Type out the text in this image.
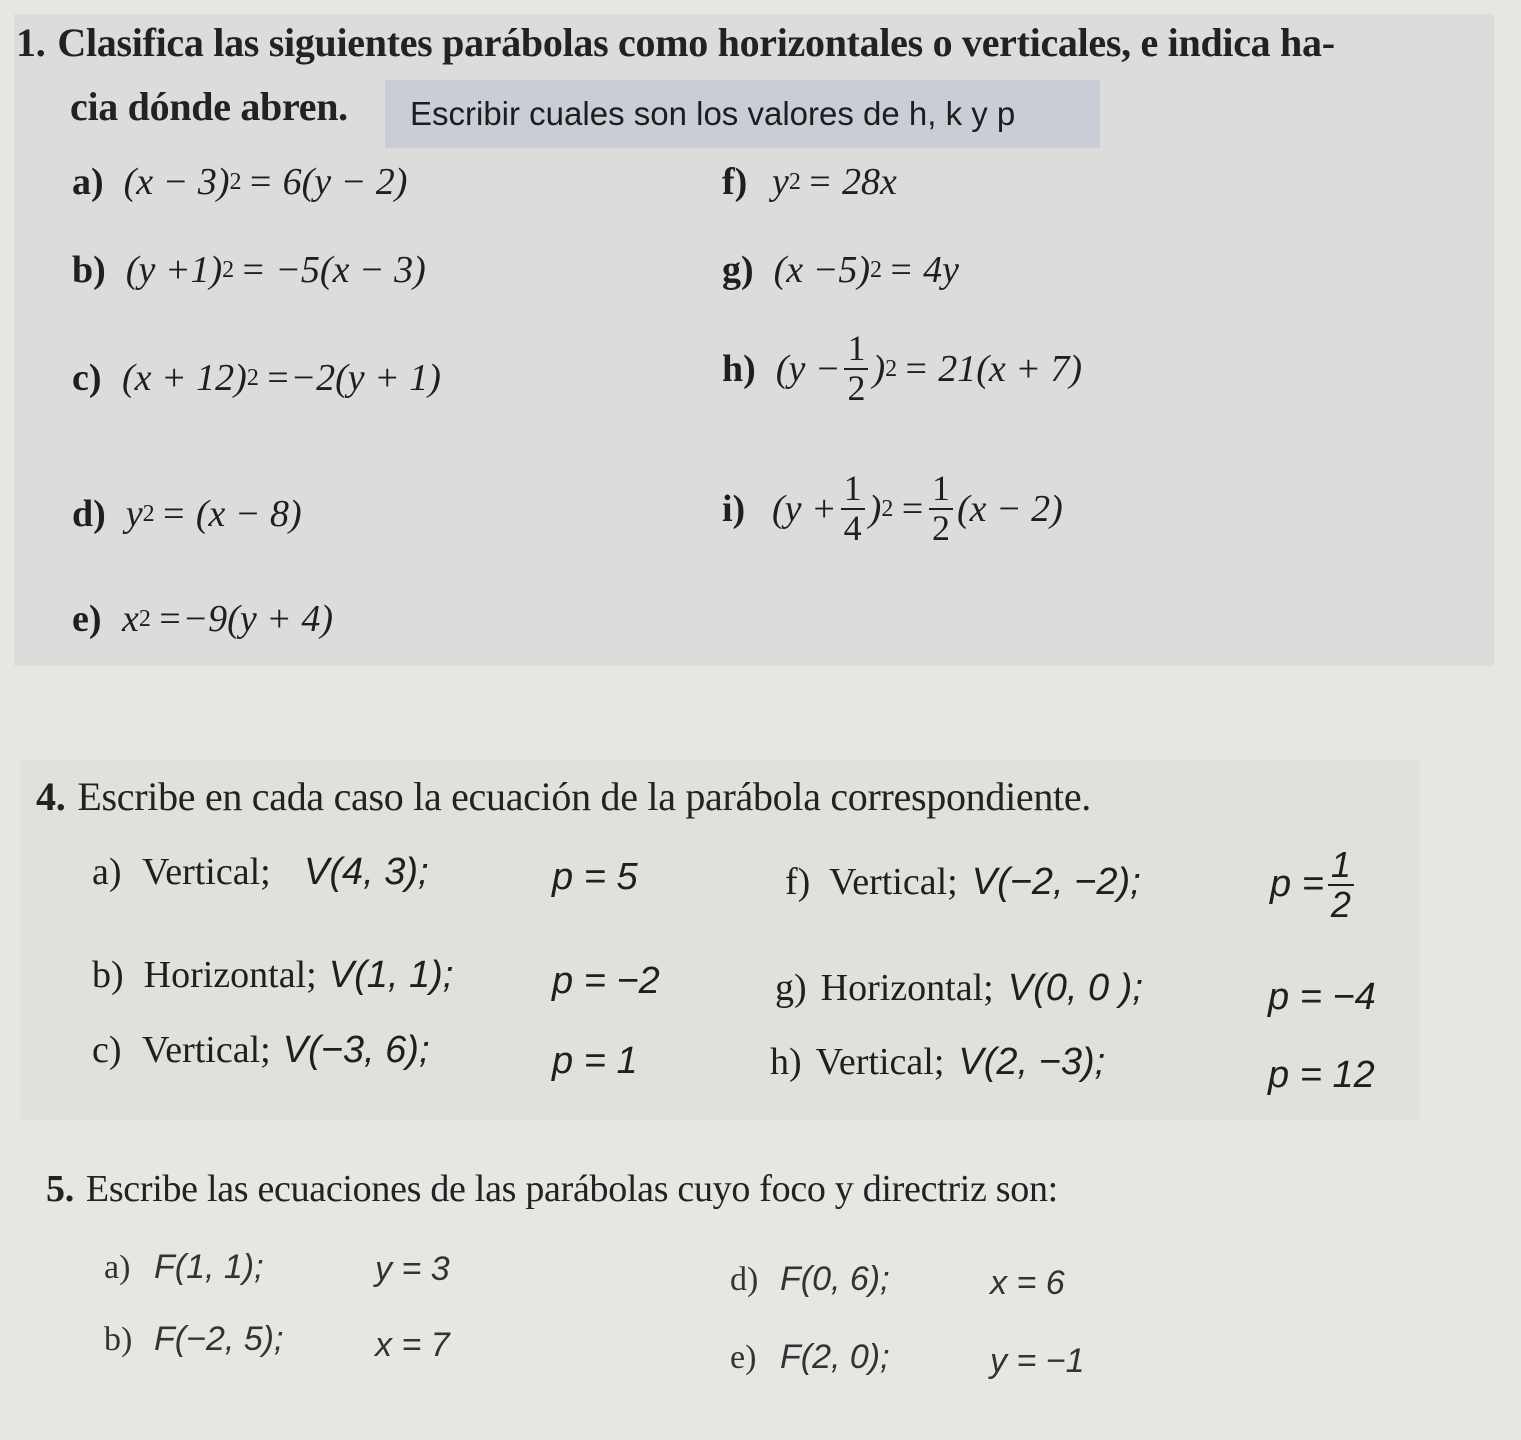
1. Clasifica las siguientes parábolas como horizontales o verticales, e indica ha-
cia dónde abren.	Escribir cuales son los valores de h, k y p
a) (x − 3) 2 = 6(y − 2)
b) (y +1) 2 = −5(x − 3)
c) (x + 12) 2 =−2(y + 1)
d) y 2 = (x − 8)
e) x 2 =−9(y + 4)
f) y 2 = 28x
g) (x −5) 2 = 4y
h) ($y - \frac{1}{2}$ ) 2 = 21(x + 7)
i) ($y + \frac{1}{4}$ ) $2 = \frac{1}{2} (x - 2)$
4. Escribe en cada caso la ecuación de la parábola correspondiente.
a) Vertical; V(4, 3);	p = 5
b) Horizontal; V(1, 1);	p = −2
c) Vertical; V(−3, 6);	p = 1
f) Vertical; V(−2, −2);	$p = \frac{1}{2}$
g) Horizontal; V(0, 0 );	p = −4
h) Vertical; V(2, −3);	p = 12
5. Escribe las ecuaciones de las parábolas cuyo foco y directriz son:
a) F(1, 1);	y = 3
b) F(−2, 5);	x = 7
d) F(0, 6);	x = 6
e) F(2, 0);	y = −1
